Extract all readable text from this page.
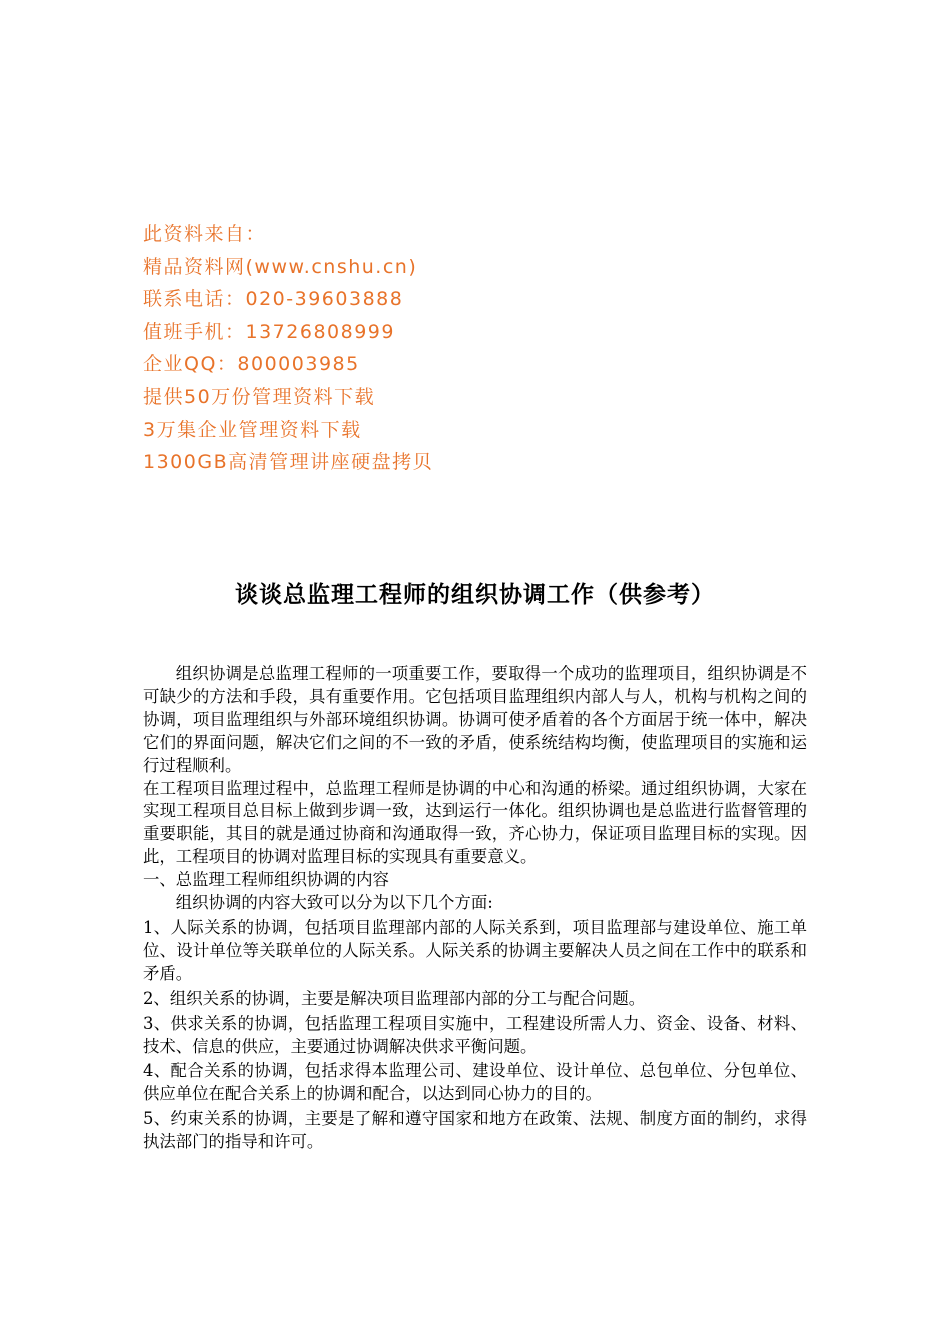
此资料来自：
精品资料网(www.cnshu.cn)
联系电话：020-39603888
值班手机：13726808999
企业QQ：800003985
提供50万份管理资料下载
3万集企业管理资料下载
1300GB高清管理讲座硬盘拷贝
谈谈总监理工程师的组织协调工作（供参考）

组织协调是总监理工程师的一项重要工作，要取得一个成功的监理项目，组织协调是不可缺少的方法和手段，具有重要作用。它包括项目监理组织内部人与人，机构与机构之间的协调，项目监理组织与外部环境组织协调。协调可使矛盾着的各个方面居于统一体中，解决它们的界面问题，解决它们之间的不一致的矛盾，使系统结构均衡，使监理项目的实施和运行过程顺利。

在工程项目监理过程中，总监理工程师是协调的中心和沟通的桥梁。通过组织协调，大家在实现工程项目总目标上做到步调一致，达到运行一体化。组织协调也是总监进行监督管理的重要职能，其目的就是通过协商和沟通取得一致，齐心协力，保证项目监理目标的实现。因此，工程项目的协调对监理目标的实现具有重要意义。

一、总监理工程师组织协调的内容

组织协调的内容大致可以分为以下几个方面:

1、人际关系的协调，包括项目监理部内部的人际关系到，项目监理部与建设单位、施工单位、设计单位等关联单位的人际关系。人际关系的协调主要解决人员之间在工作中的联系和矛盾。

2、组织关系的协调，主要是解决项目监理部内部的分工与配合问题。

3、供求关系的协调，包括监理工程项目实施中，工程建设所需人力、资金、设备、材料、技术、信息的供应，主要通过协调解决供求平衡问题。

4、配合关系的协调，包括求得本监理公司、建设单位、设计单位、总包单位、分包单位、供应单位在配合关系上的协调和配合，以达到同心协力的目的。

5、约束关系的协调，主要是了解和遵守国家和地方在政策、法规、制度方面的制约，求得执法部门的指导和许可。
